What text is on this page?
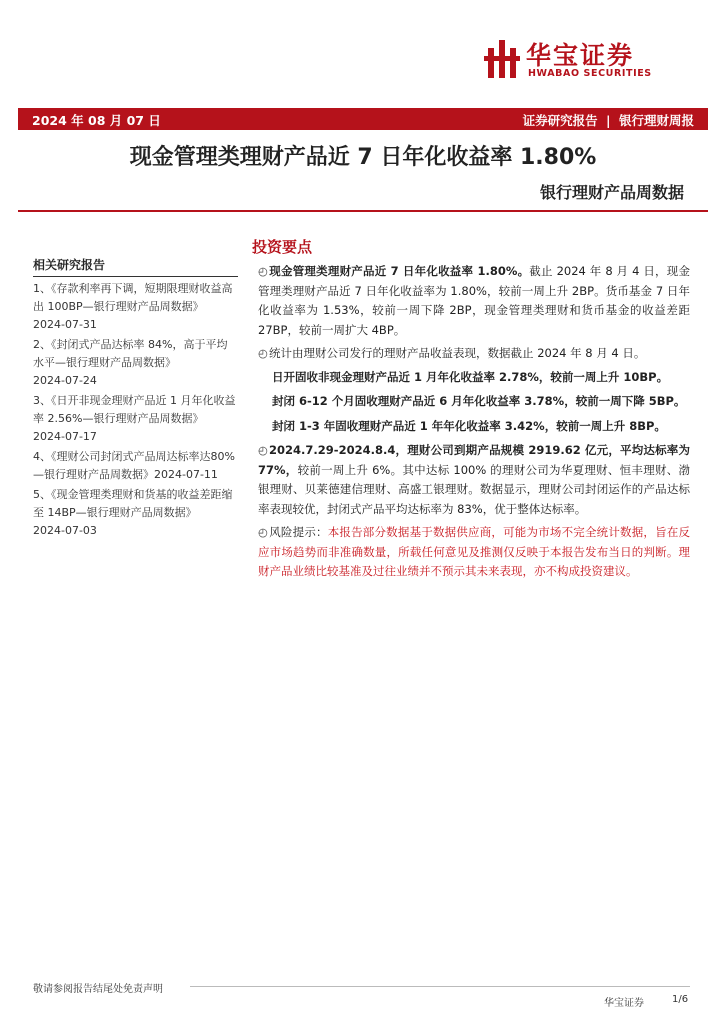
华宝证券
HWABAO SECURITIES
2024 年 08 月 07 日	证券研究报告 | 银行理财周报
现金管理类理财产品近 7 日年化收益率 1.80%
银行理财产品周数据
相关研究报告
1、《存款利率再下调，短期限理财收益高出 100BP—银行理财产品周数据》
2024-07-31
2、《封闭式产品达标率 84%，高于平均水平—银行理财产品周数据》
2024-07-24
3、《日开非现金理财产品近 1 月年化收益率 2.56%—银行理财产品周数据》
2024-07-17
4、《理财公司封闭式产品周达标率达80%—银行理财产品周数据》2024-07-11
5、《现金管理类理财和货基的收益差距缩至 14BP—银行理财产品周数据》
2024-07-03
投资要点

◴现金管理类理财产品近 7 日年化收益率 1.80%。截止 2024 年 8 月 4 日，现金管理类理财产品近 7 日年化收益率为 1.80%，较前一周上升 2BP。货币基金 7 日年化收益率为 1.53%，较前一周下降 2BP，现金管理类理财和货币基金的收益差距 27BP，较前一周扩大 4BP。

◴统计由理财公司发行的理财产品收益表现，数据截止 2024 年 8 月 4 日。

日开固收非现金理财产品近 1 月年化收益率 2.78%，较前一周上升 10BP。
封闭 6-12 个月固收理财产品近 6 月年化收益率 3.78%，较前一周下降 5BP。
封闭 1-3 年固收理财产品近 1 年年化收益率 3.42%，较前一周上升 8BP。

◴2024.7.29-2024.8.4，理财公司到期产品规模 2919.62 亿元，平均达标率为 77%，较前一周上升 6%。其中达标 100% 的理财公司为华夏理财、恒丰理财、渤银理财、贝莱德建信理财、高盛工银理财。数据显示，理财公司封闭运作的产品达标率表现较优，封闭式产品平均达标率为 83%，优于整体达标率。

◴风险提示：本报告部分数据基于数据供应商，可能为市场不完全统计数据，旨在反应市场趋势而非准确数量，所载任何意见及推测仅反映于本报告发布当日的判断。理财产品业绩比较基准及过往业绩并不预示其未来表现，亦不构成投资建议。

敬请参阅报告结尾处免责声明
华宝证券	1/6
